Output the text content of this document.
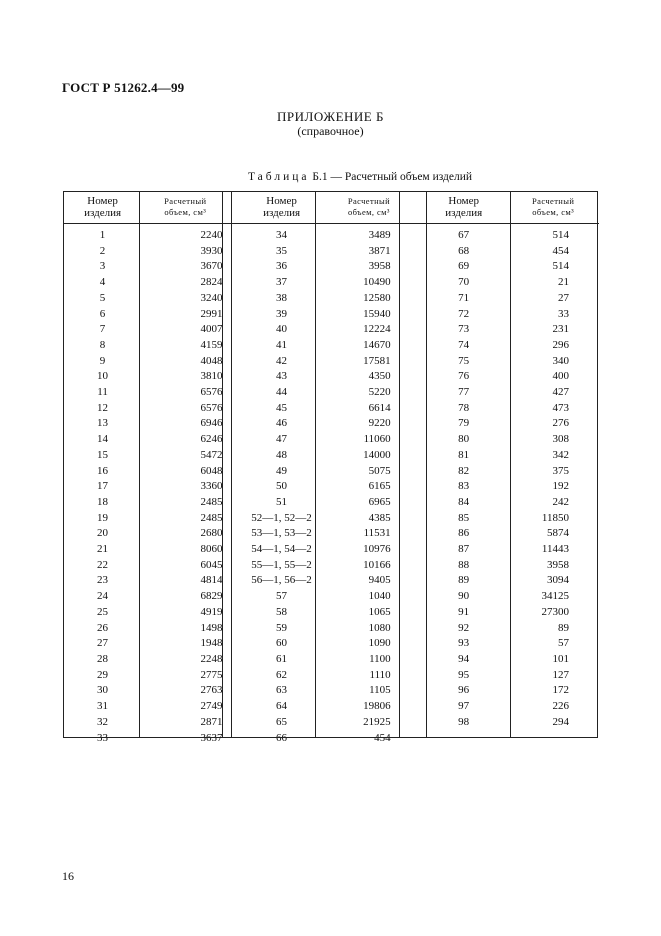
ГОСТ Р 51262.4—99
ПРИЛОЖЕНИЕ Б
(справочное)
Таблица Б.1 — Расчетный объем изделий
Номер
изделия	Расчетный
объем, см³		Номер
изделия	Расчетный
объем, см³		Номер
изделия	Расчетный
объем, см³

1	2240		34	3489		67	514
2	3930		35	3871		68	454
3	3670		36	3958		69	514
4	2824		37	10490		70	21
5	3240		38	12580		71	27
6	2991		39	15940		72	33
7	4007		40	12224		73	231
8	4159		41	14670		74	296
9	4048		42	17581		75	340
10	3810		43	4350		76	400
11	6576		44	5220		77	427
12	6576		45	6614		78	473
13	6946		46	9220		79	276
14	6246		47	11060		80	308
15	5472		48	14000		81	342
16	6048		49	5075		82	375
17	3360		50	6165		83	192
18	2485		51	6965		84	242
19	2485		52—1, 52—2	4385		85	11850
20	2680		53—1, 53—2	11531		86	5874
21	8060		54—1, 54—2	10976		87	11443
22	6045		55—1, 55—2	10166		88	3958
23	4814		56—1, 56—2	9405		89	3094
24	6829		57	1040		90	34125
25	4919		58	1065		91	27300
26	1498		59	1080		92	89
27	1948		60	1090		93	57
28	2248		61	1100		94	101
29	2775		62	1110		95	127
30	2763		63	1105		96	172
31	2749		64	19806		97	226
32	2871		65	21925		98	294
33	3637		66	454			

16
